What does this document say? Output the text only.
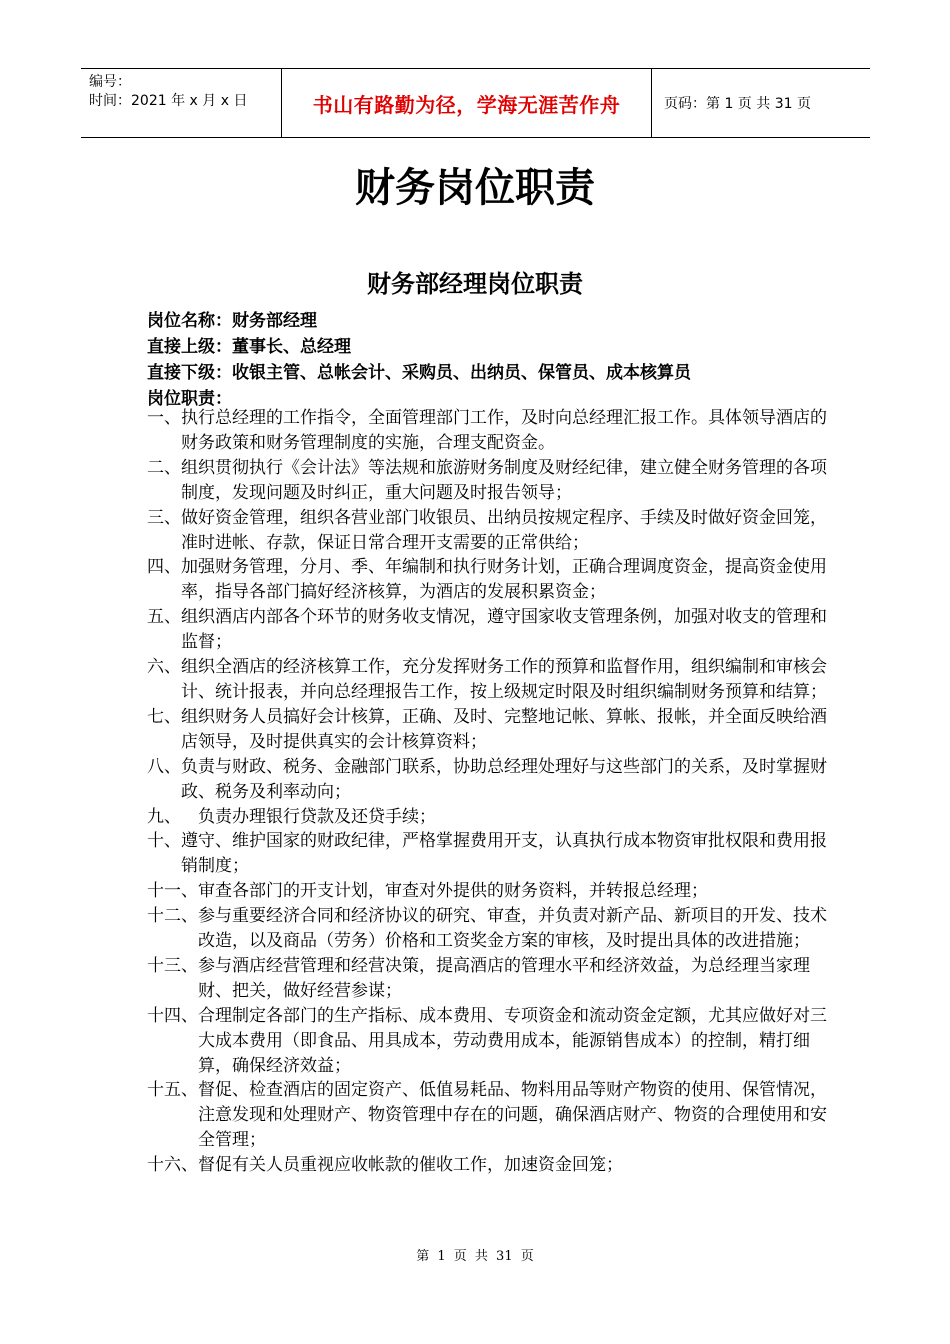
编号：
时间：2021 年 x 月 x 日	书山有路勤为径，学海无涯苦作舟	页码：第 1 页 共 31 页
财务岗位职责
财务部经理岗位职责
岗位名称：财务部经理
直接上级：董事长、总经理
直接下级：收银主管、总帐会计、采购员、出纳员、保管员、成本核算员
岗位职责：
一、 执行总经理的工作指令，全面管理部门工作，及时向总经理汇报工作。具体领导酒店的财务政策和财务管理制度的实施，合理支配资金。
二、 组织贯彻执行《会计法》等法规和旅游财务制度及财经纪律，建立健全财务管理的各项制度，发现问题及时纠正，重大问题及时报告领导；
三、 做好资金管理，组织各营业部门收银员、出纳员按规定程序、手续及时做好资金回笼，准时进帐、存款，保证日常合理开支需要的正常供给；
四、 加强财务管理，分月、季、年编制和执行财务计划，正确合理调度资金，提高资金使用率，指导各部门搞好经济核算，为酒店的发展积累资金；
五、 组织酒店内部各个环节的财务收支情况，遵守国家收支管理条例，加强对收支的管理和监督；
六、 组织全酒店的经济核算工作，充分发挥财务工作的预算和监督作用，组织编制和审核会计、统计报表，并向总经理报告工作，按上级规定时限及时组织编制财务预算和结算；
七、 组织财务人员搞好会计核算，正确、及时、完整地记帐、算帐、报帐，并全面反映给酒店领导，及时提供真实的会计核算资料；
八、 负责与财政、税务、金融部门联系，协助总经理处理好与这些部门的关系，及时掌握财政、税务及利率动向；
九、 　负责办理银行贷款及还贷手续；
十、 遵守、维护国家的财政纪律，严格掌握费用开支，认真执行成本物资审批权限和费用报销制度；
十一、 审查各部门的开支计划，审查对外提供的财务资料，并转报总经理；
十二、 参与重要经济合同和经济协议的研究、审查，并负责对新产品、新项目的开发、技术改造，以及商品（劳务）价格和工资奖金方案的审核，及时提出具体的改进措施；
十三、 参与酒店经营管理和经营决策，提高酒店的管理水平和经济效益，为总经理当家理财、把关，做好经营参谋；
十四、 合理制定各部门的生产指标、成本费用、专项资金和流动资金定额，尤其应做好对三大成本费用（即食品、用具成本，劳动费用成本，能源销售成本）的控制，精打细算，确保经济效益；
十五、 督促、检查酒店的固定资产、低值易耗品、物料用品等财产物资的使用、保管情况，注意发现和处理财产、物资管理中存在的问题，确保酒店财产、物资的合理使用和安全管理；
十六、 督促有关人员重视应收帐款的催收工作，加速资金回笼；
第 1 页 共 31 页
